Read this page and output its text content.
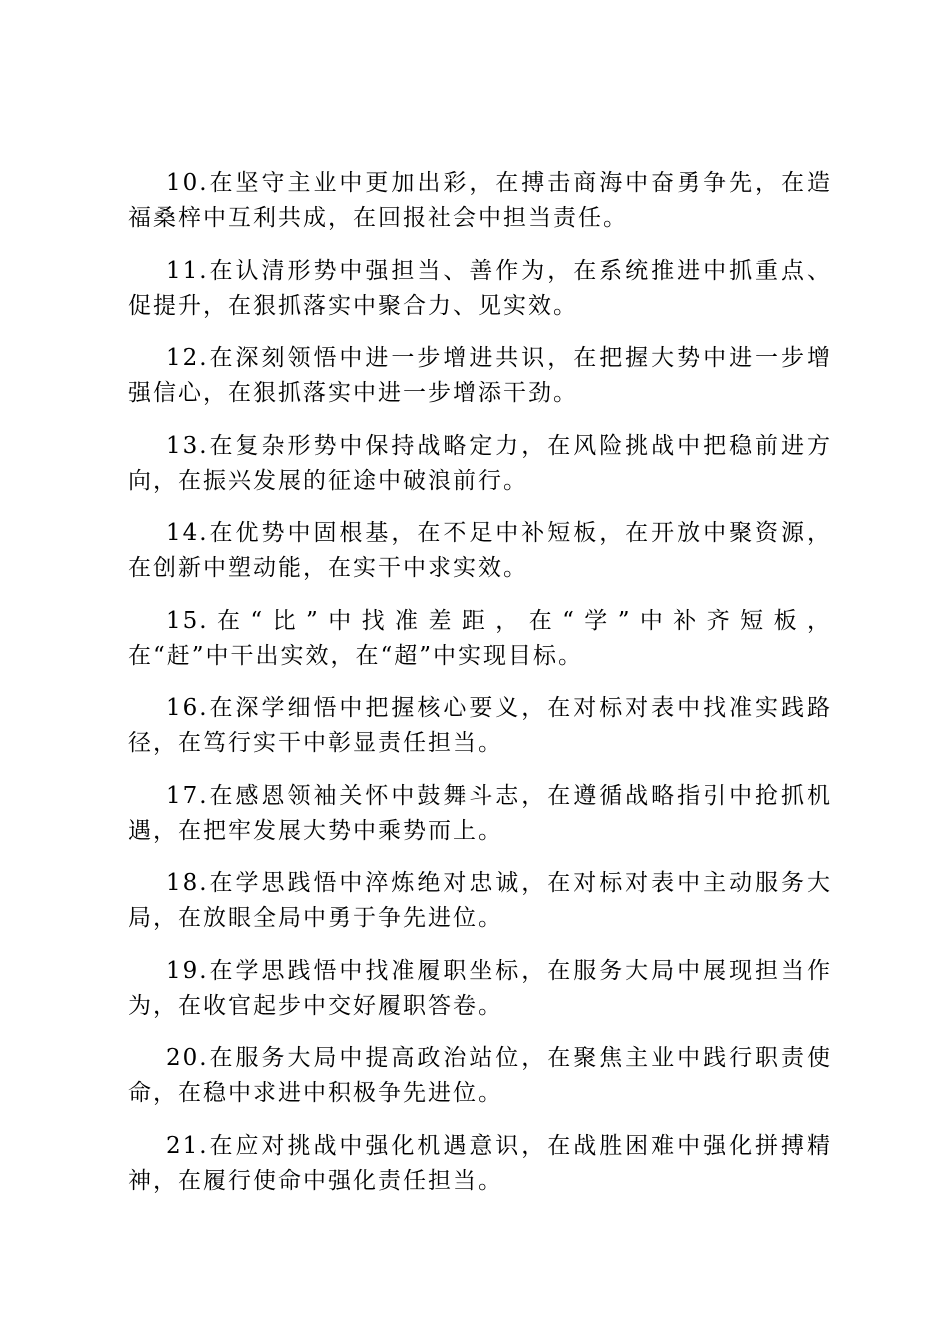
10.在坚守主业中更加出彩，在搏击商海中奋勇争先，在造福桑梓中互利共成，在回报社会中担当责任。

11.在认清形势中强担当、善作为，在系统推进中抓重点、促提升，在狠抓落实中聚合力、见实效。

12.在深刻领悟中进一步增进共识，在把握大势中进一步增强信心，在狠抓落实中进一步增添干劲。

13.在复杂形势中保持战略定力，在风险挑战中把稳前进方向，在振兴发展的征途中破浪前行。

14.在优势中固根基，在不足中补短板，在开放中聚资源，在创新中塑动能，在实干中求实效。

15.在“比”中找准差距，在“学”中补齐短板，

在“赶”中干出实效，在“超”中实现目标。

16.在深学细悟中把握核心要义，在对标对表中找准实践路径，在笃行实干中彰显责任担当。

17.在感恩领袖关怀中鼓舞斗志，在遵循战略指引中抢抓机遇，在把牢发展大势中乘势而上。

18.在学思践悟中淬炼绝对忠诚，在对标对表中主动服务大局，在放眼全局中勇于争先进位。

19.在学思践悟中找准履职坐标，在服务大局中展现担当作为，在收官起步中交好履职答卷。

20.在服务大局中提高政治站位，在聚焦主业中践行职责使命，在稳中求进中积极争先进位。

21.在应对挑战中强化机遇意识，在战胜困难中强化拼搏精神，在履行使命中强化责任担当。
